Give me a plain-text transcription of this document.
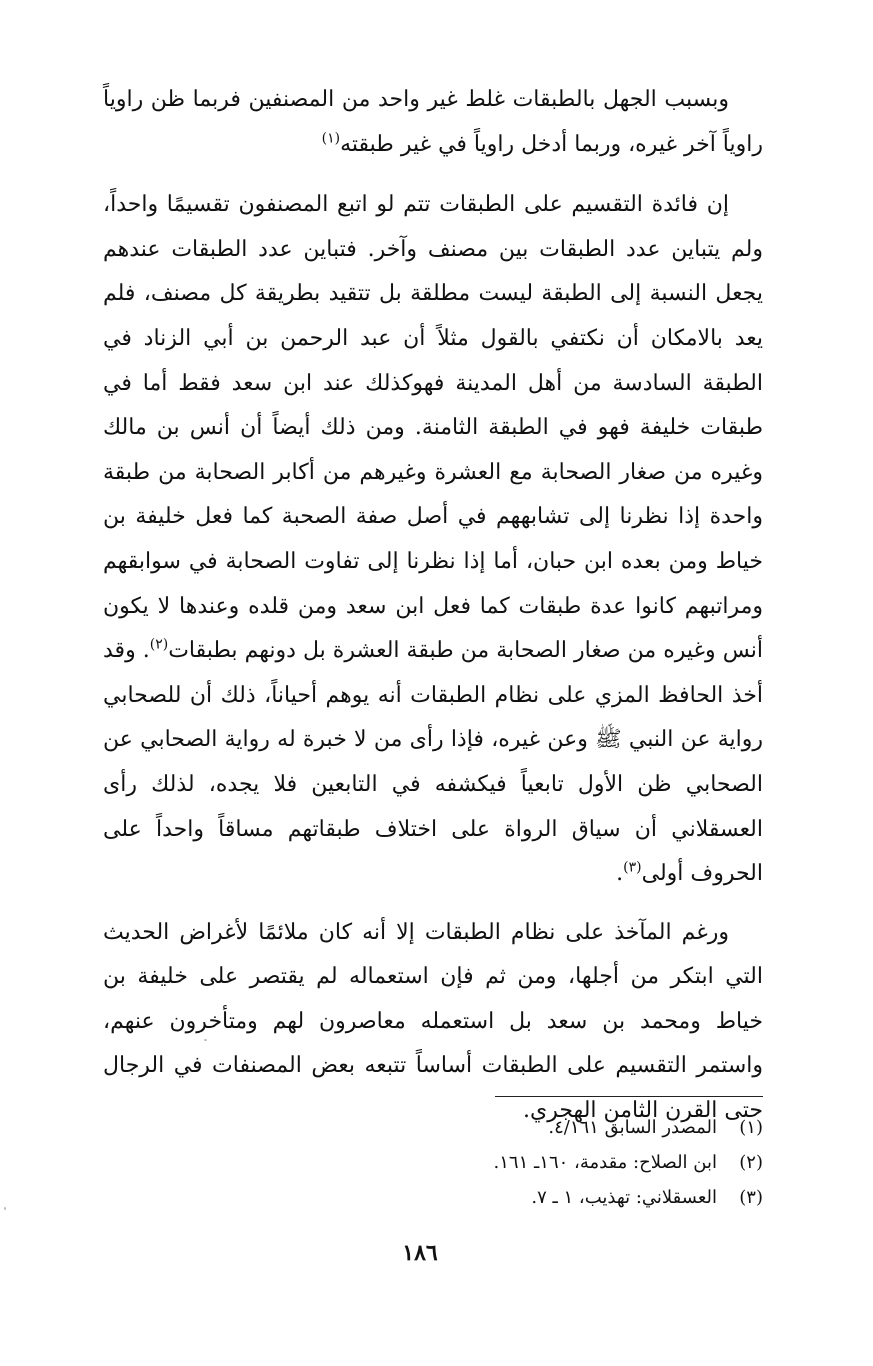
وبسبب الجهل بالطبقات غلط غير واحد من المصنفين فربما ظن راوياً راوياً آخر غيره، وربما أدخل راوياً في غير طبقته$^{(١)}$

إن فائدة التقسيم على الطبقات تتم لو اتبع المصنفون تقسيمًا واحداً، ولم يتباين عدد الطبقات بين مصنف وآخر. فتباين عدد الطبقات عندهم يجعل النسبة إلى الطبقة ليست مطلقة بل تتقيد بطريقة كل مصنف، فلم يعد بالامكان أن نكتفي بالقول مثلاً أن عبد الرحمن بن أبي الزناد في الطبقة السادسة من أهل المدينة فهوكذلك عند ابن سعد فقط أما في طبقات خليفة فهو في الطبقة الثامنة. ومن ذلك أيضاً أن أنس بن مالك وغيره من صغار الصحابة مع العشرة وغيرهم من أكابر الصحابة من طبقة واحدة إذا نظرنا إلى تشابههم في أصل صفة الصحبة كما فعل خليفة بن خياط ومن بعده ابن حبان، أما إذا نظرنا إلى تفاوت الصحابة في سوابقهم ومراتبهم كانوا عدة طبقات كما فعل ابن سعد ومن قلده وعندها لا يكون أنس وغيره من صغار الصحابة من طبقة العشرة بل دونهم بطبقات$^{(٢)}$. وقد أخذ الحافظ المزي على نظام الطبقات أنه يوهم أحياناً، ذلك أن للصحابي رواية عن النبي ﷺ وعن غيره، فإذا رأى من لا خبرة له رواية الصحابي عن الصحابي ظن الأول تابعياً فيكشفه في التابعين فلا يجده، لذلك رأى العسقلاني أن سياق الرواة على اختلاف طبقاتهم مساقاً واحداً على الحروف أولى$^{(٣)}$.

ورغم المآخذ على نظام الطبقات إلا أنه كان ملائمًا لأغراض الحديث التي ابتكر من أجلها، ومن ثم فإن استعماله لم يقتصر على خليفة بن خياط ومحمد بن سعد بل استعمله معاصرون لهم ومتأخرون عنهم، واستمر التقسيم على الطبقات أساساً تتبعه بعض المصنفات في الرجال حتى القرن الثامن الهجري.

(١)
المصدر السابق ٤/١٦١.
(٢)
ابن الصلاح: مقدمة، ١٦٠ـ ١٦١.
(٣)
العسقلاني: تهذيب، ١ ـ ٧.
١٨٦
